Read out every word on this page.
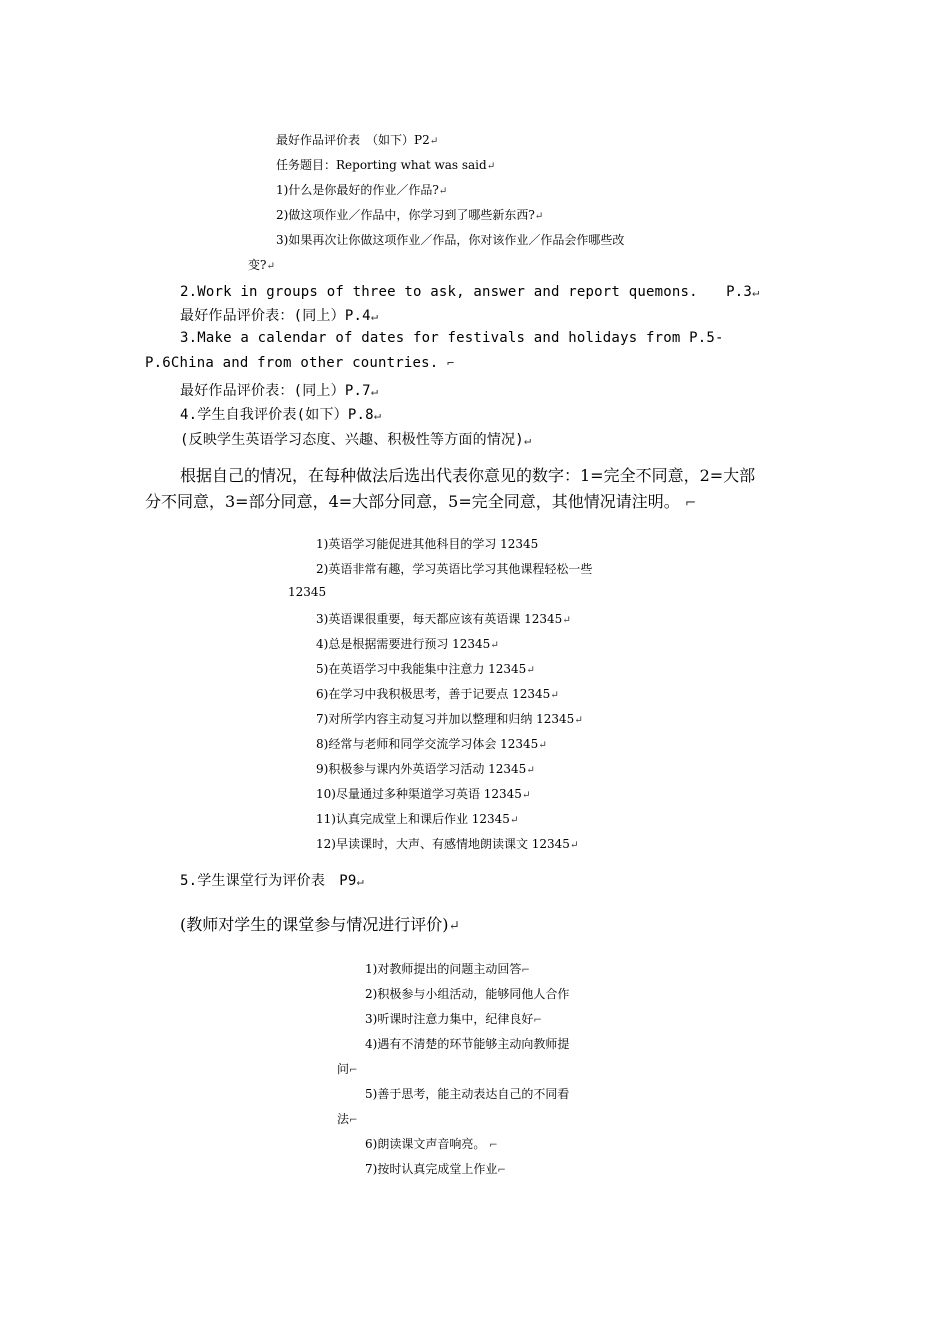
最好作品评价表　（如下）P2↵
任务题目：Reporting what was said↵
1)什么是你最好的作业／作品?↵
2)做这项作业／作品中，你学习到了哪些新东西?↵
3)如果再次让你做这项作业／作品，你对该作业／作品会作哪些改
变?↵
2.Work in groups of three to ask, answer and report quemons.　　P.3↵
最好作品评价表：(同上）P.4↵
3.Make a calendar of dates for festivals and holidays from P.5-
P.6China and from other countries. ⌐
最好作品评价表：(同上）P.7↵
4.学生自我评价表(如下）P.8↵
(反映学生英语学习态度、兴趣、积极性等方面的情况)↵
根据自己的情况，在每种做法后选出代表你意见的数字：1=完全不同意，2=大部
分不同意，3=部分同意，4=大部分同意，5=完全同意，其他情况请注明。 ⌐
1)英语学习能促进其他科目的学习 12345
2)英语非常有趣，学习英语比学习其他课程轻松一些
12345
3)英语课很重要，每天都应该有英语课 12345↵
4)总是根据需要进行预习 12345↵
5)在英语学习中我能集中注意力 12345↵
6)在学习中我积极思考，善于记要点 12345↵
7)对所学内容主动复习并加以整理和归纳 12345↵
8)经常与老师和同学交流学习体会 12345↵
9)积极参与课内外英语学习活动 12345↵
10)尽量通过多种渠道学习英语 12345↵
11)认真完成堂上和课后作业 12345↵
12)早读课时，大声、有感情地朗读课文 12345↵
5.学生课堂行为评价表　P9↵
(教师对学生的课堂参与情况进行评价)↵
1)对教师提出的问题主动回答⌐
2)积极参与小组活动，能够同他人合作
3)听课时注意力集中，纪律良好⌐
4)遇有不清楚的环节能够主动向教师提
问⌐
5)善于思考，能主动表达自己的不同看
法⌐
6)朗读课文声音响亮。 ⌐
7)按时认真完成堂上作业⌐
